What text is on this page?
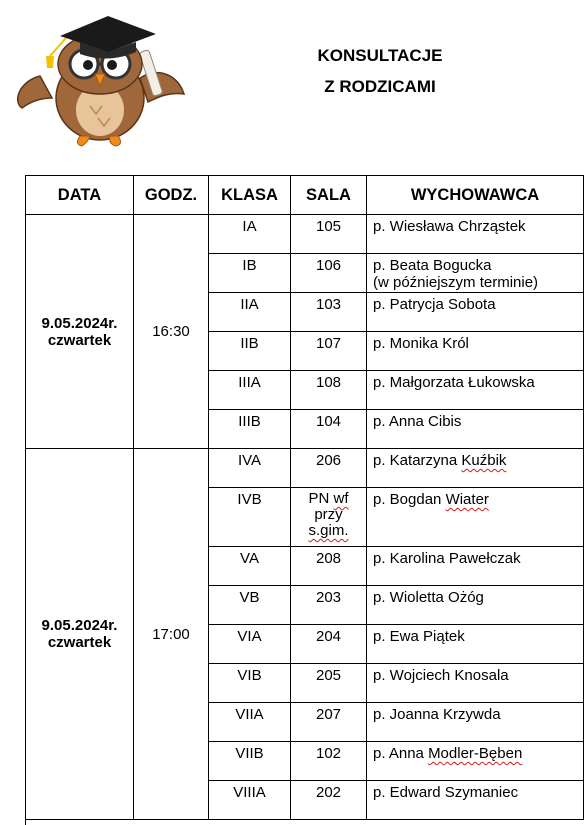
KONSULTACJE
Z RODZICAMI
DATA	GODZ.	KLASA	SALA	WYCHOWAWCA

9.05.2024r.
czwartek	16:30	IA	105	p. Wiesława Chrząstek
		IB	106	p. Beata Bogucka
(w późniejszym terminie)

		IIA	103	p. Patrycja Sobota
		IIB	107	p. Monika Król
		IIIA	108	p. Małgorzata Łukowska
		IIIB	104	p. Anna Cibis

9.05.2024r.
czwartek	17:00	IVA	206	p. Katarzyna Kuźbik
		IVB	PN wf
przy
s.gim.	p. Bogdan Wiater
		VA	208	p. Karolina Pawełczak
		VB	203	p. Wioletta Ożóg
		VIA	204	p. Ewa Piątek
		VIB	205	p. Wojciech Knosala
		VIIA	207	p. Joanna Krzywda
		VIIB	102	p. Anna Modler-Bęben
		VIIIA	202	p. Edward Szymaniec
